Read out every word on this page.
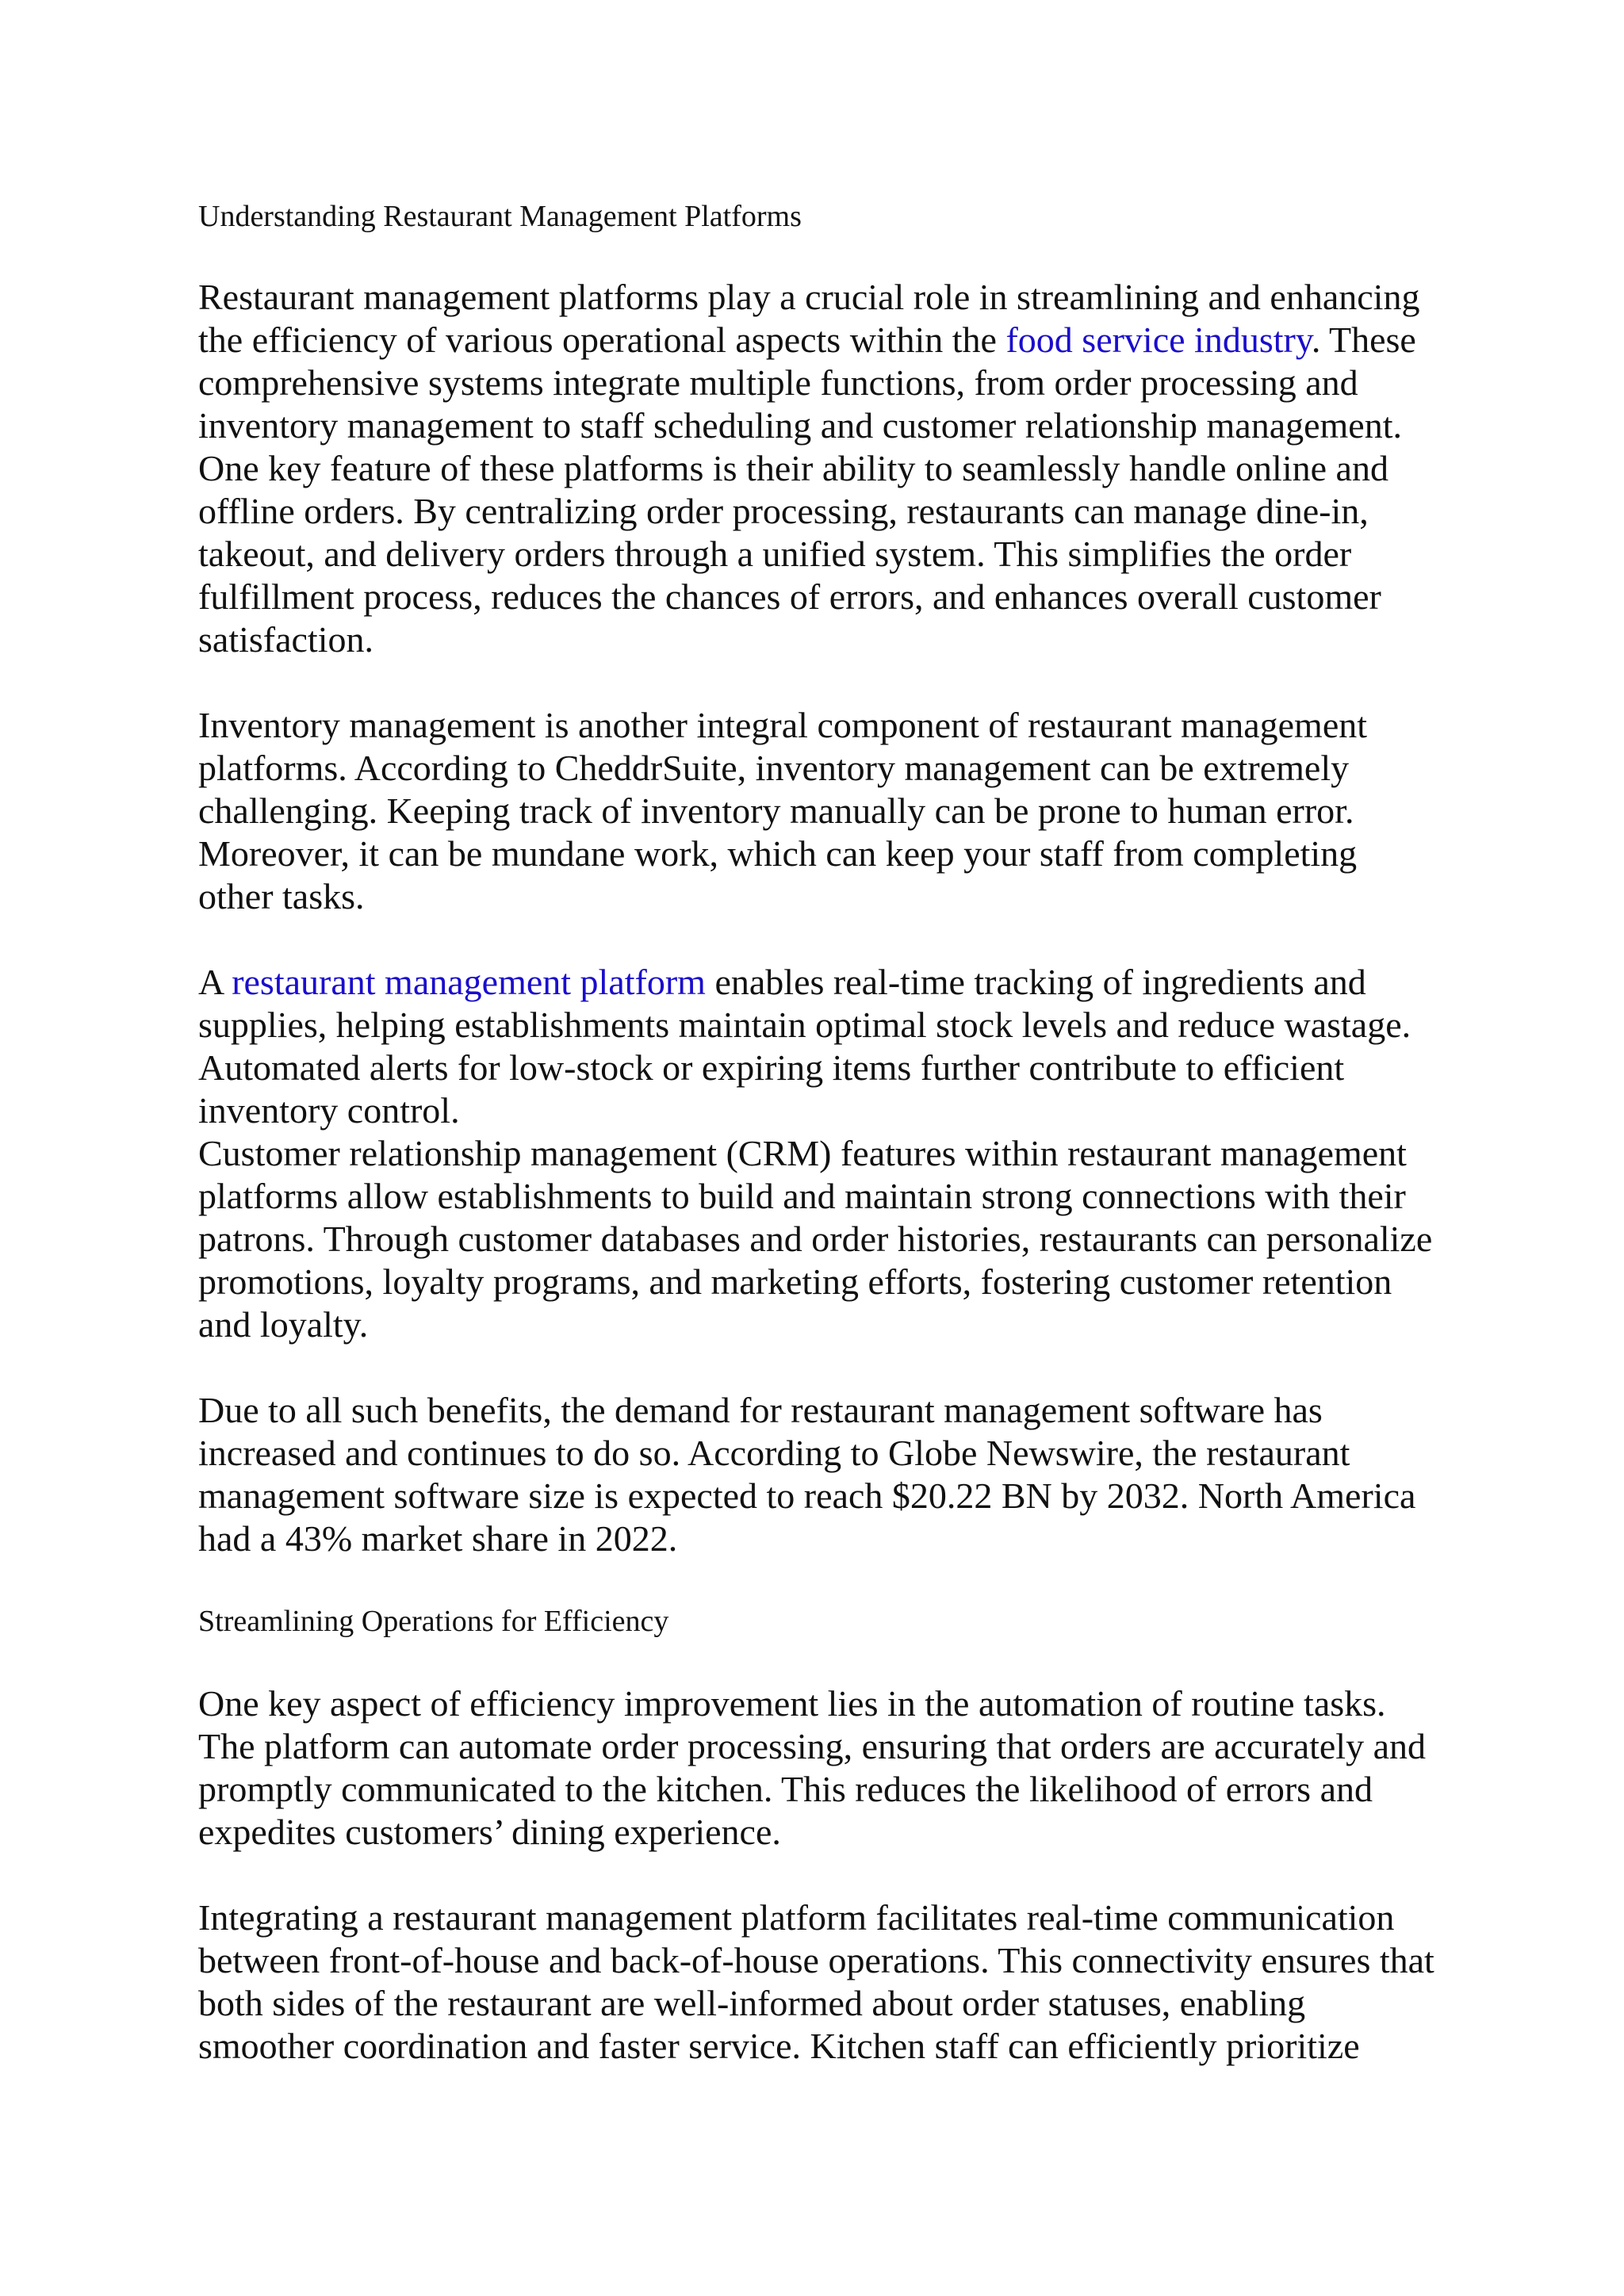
Understanding Restaurant Management Platforms

Restaurant management platforms play a crucial role in streamlining and enhancing the efficiency of various operational aspects within the food service industry. These comprehensive systems integrate multiple functions, from order processing and inventory management to staff scheduling and customer relationship management.

One key feature of these platforms is their ability to seamlessly handle online and offline orders. By centralizing order processing, restaurants can manage dine-in, takeout, and delivery orders through a unified system. This simplifies the order fulfillment process, reduces the chances of errors, and enhances overall customer satisfaction.

Inventory management is another integral component of restaurant management platforms. According to CheddrSuite, inventory management can be extremely challenging. Keeping track of inventory manually can be prone to human error. Moreover, it can be mundane work, which can keep your staff from completing other tasks.

A restaurant management platform enables real-time tracking of ingredients and supplies, helping establishments maintain optimal stock levels and reduce wastage. Automated alerts for low-stock or expiring items further contribute to efficient inventory control.

Customer relationship management (CRM) features within restaurant management platforms allow establishments to build and maintain strong connections with their patrons. Through customer databases and order histories, restaurants can personalize promotions, loyalty programs, and marketing efforts, fostering customer retention and loyalty.

Due to all such benefits, the demand for restaurant management software has increased and continues to do so. According to Globe Newswire, the restaurant management software size is expected to reach $20.22 BN by 2032. North America had a 43% market share in 2022.

Streamlining Operations for Efficiency

One key aspect of efficiency improvement lies in the automation of routine tasks. The platform can automate order processing, ensuring that orders are accurately and promptly communicated to the kitchen. This reduces the likelihood of errors and expedites customers’ dining experience.

Integrating a restaurant management platform facilitates real-time communication between front-of-house and back-of-house operations. This connectivity ensures that both sides of the restaurant are well-informed about order statuses, enabling smoother coordination and faster service. Kitchen staff can efficiently prioritize
